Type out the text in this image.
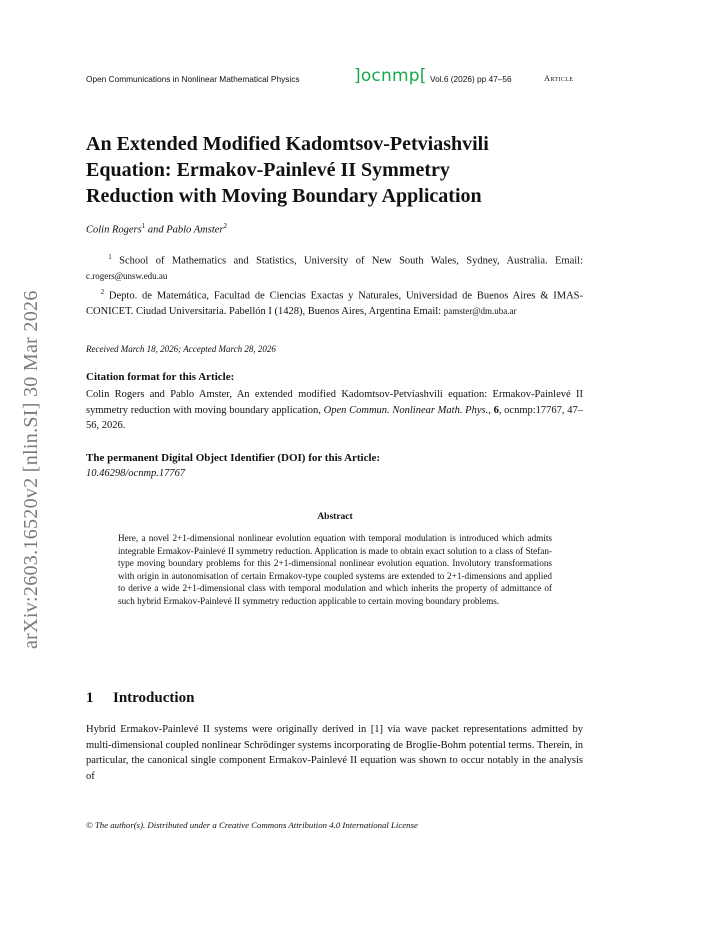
Open Communications in Nonlinear Mathematical Physics	]ocnmp[ Vol.6 (2026) pp 47–56	Article
An Extended Modified Kadomtsov-Petviashvili
Equation: Ermakov-Painlevé II Symmetry
Reduction with Moving Boundary Application
Colin Rogers$^1$ and Pablo Amster$^2$
$^1$ School of Mathematics and Statistics, University of New South Wales, Sydney, Australia. Email: c.rogers@unsw.edu.au
$^2$ Depto. de Matemática, Facultad de Ciencias Exactas y Naturales, Universidad de Buenos Aires & IMAS-CONICET. Ciudad Universitaria. Pabellón I (1428), Buenos Aires, Argentina Email: pamster@dm.uba.ar
Received March 18, 2026; Accepted March 28, 2026
Citation format for this Article:
Colin Rogers and Pablo Amster, An extended modified Kadomtsov-Petviashvili equation: Ermakov-Painlevé II symmetry reduction with moving boundary application, Open Commun. Nonlinear Math. Phys., 6, ocnmp:17767, 47–56, 2026.
The permanent Digital Object Identifier (DOI) for this Article:
10.46298/ocnmp.17767
Abstract
Here, a novel 2+1-dimensional nonlinear evolution equation with temporal modulation is introduced which admits integrable Ermakov-Painlevé II symmetry reduction. Application is made to obtain exact solution to a class of Stefan-type moving boundary problems for this 2+1-dimensional nonlinear evolution equation. Involutory transformations with origin in autonomisation of certain Ermakov-type coupled systems are extended to 2+1-dimensions and applied to derive a wide 2+1-dimensional class with temporal modulation and which inherits the property of admittance of such hybrid Ermakov-Painlevé II symmetry reduction applicable to certain moving boundary problems.
1 Introduction
Hybrid Ermakov-Painlevé II systems were originally derived in [1] via wave packet representations admitted by multi-dimensional coupled nonlinear Schrödinger systems incorporating de Broglie-Bohm potential terms. Therein, in particular, the canonical single component Ermakov-Painlevé II equation was shown to occur notably in the analysis of
© The author(s). Distributed under a Creative Commons Attribution 4.0 International License
arXiv:2603.16520v2 [nlin.SI] 30 Mar 2026
